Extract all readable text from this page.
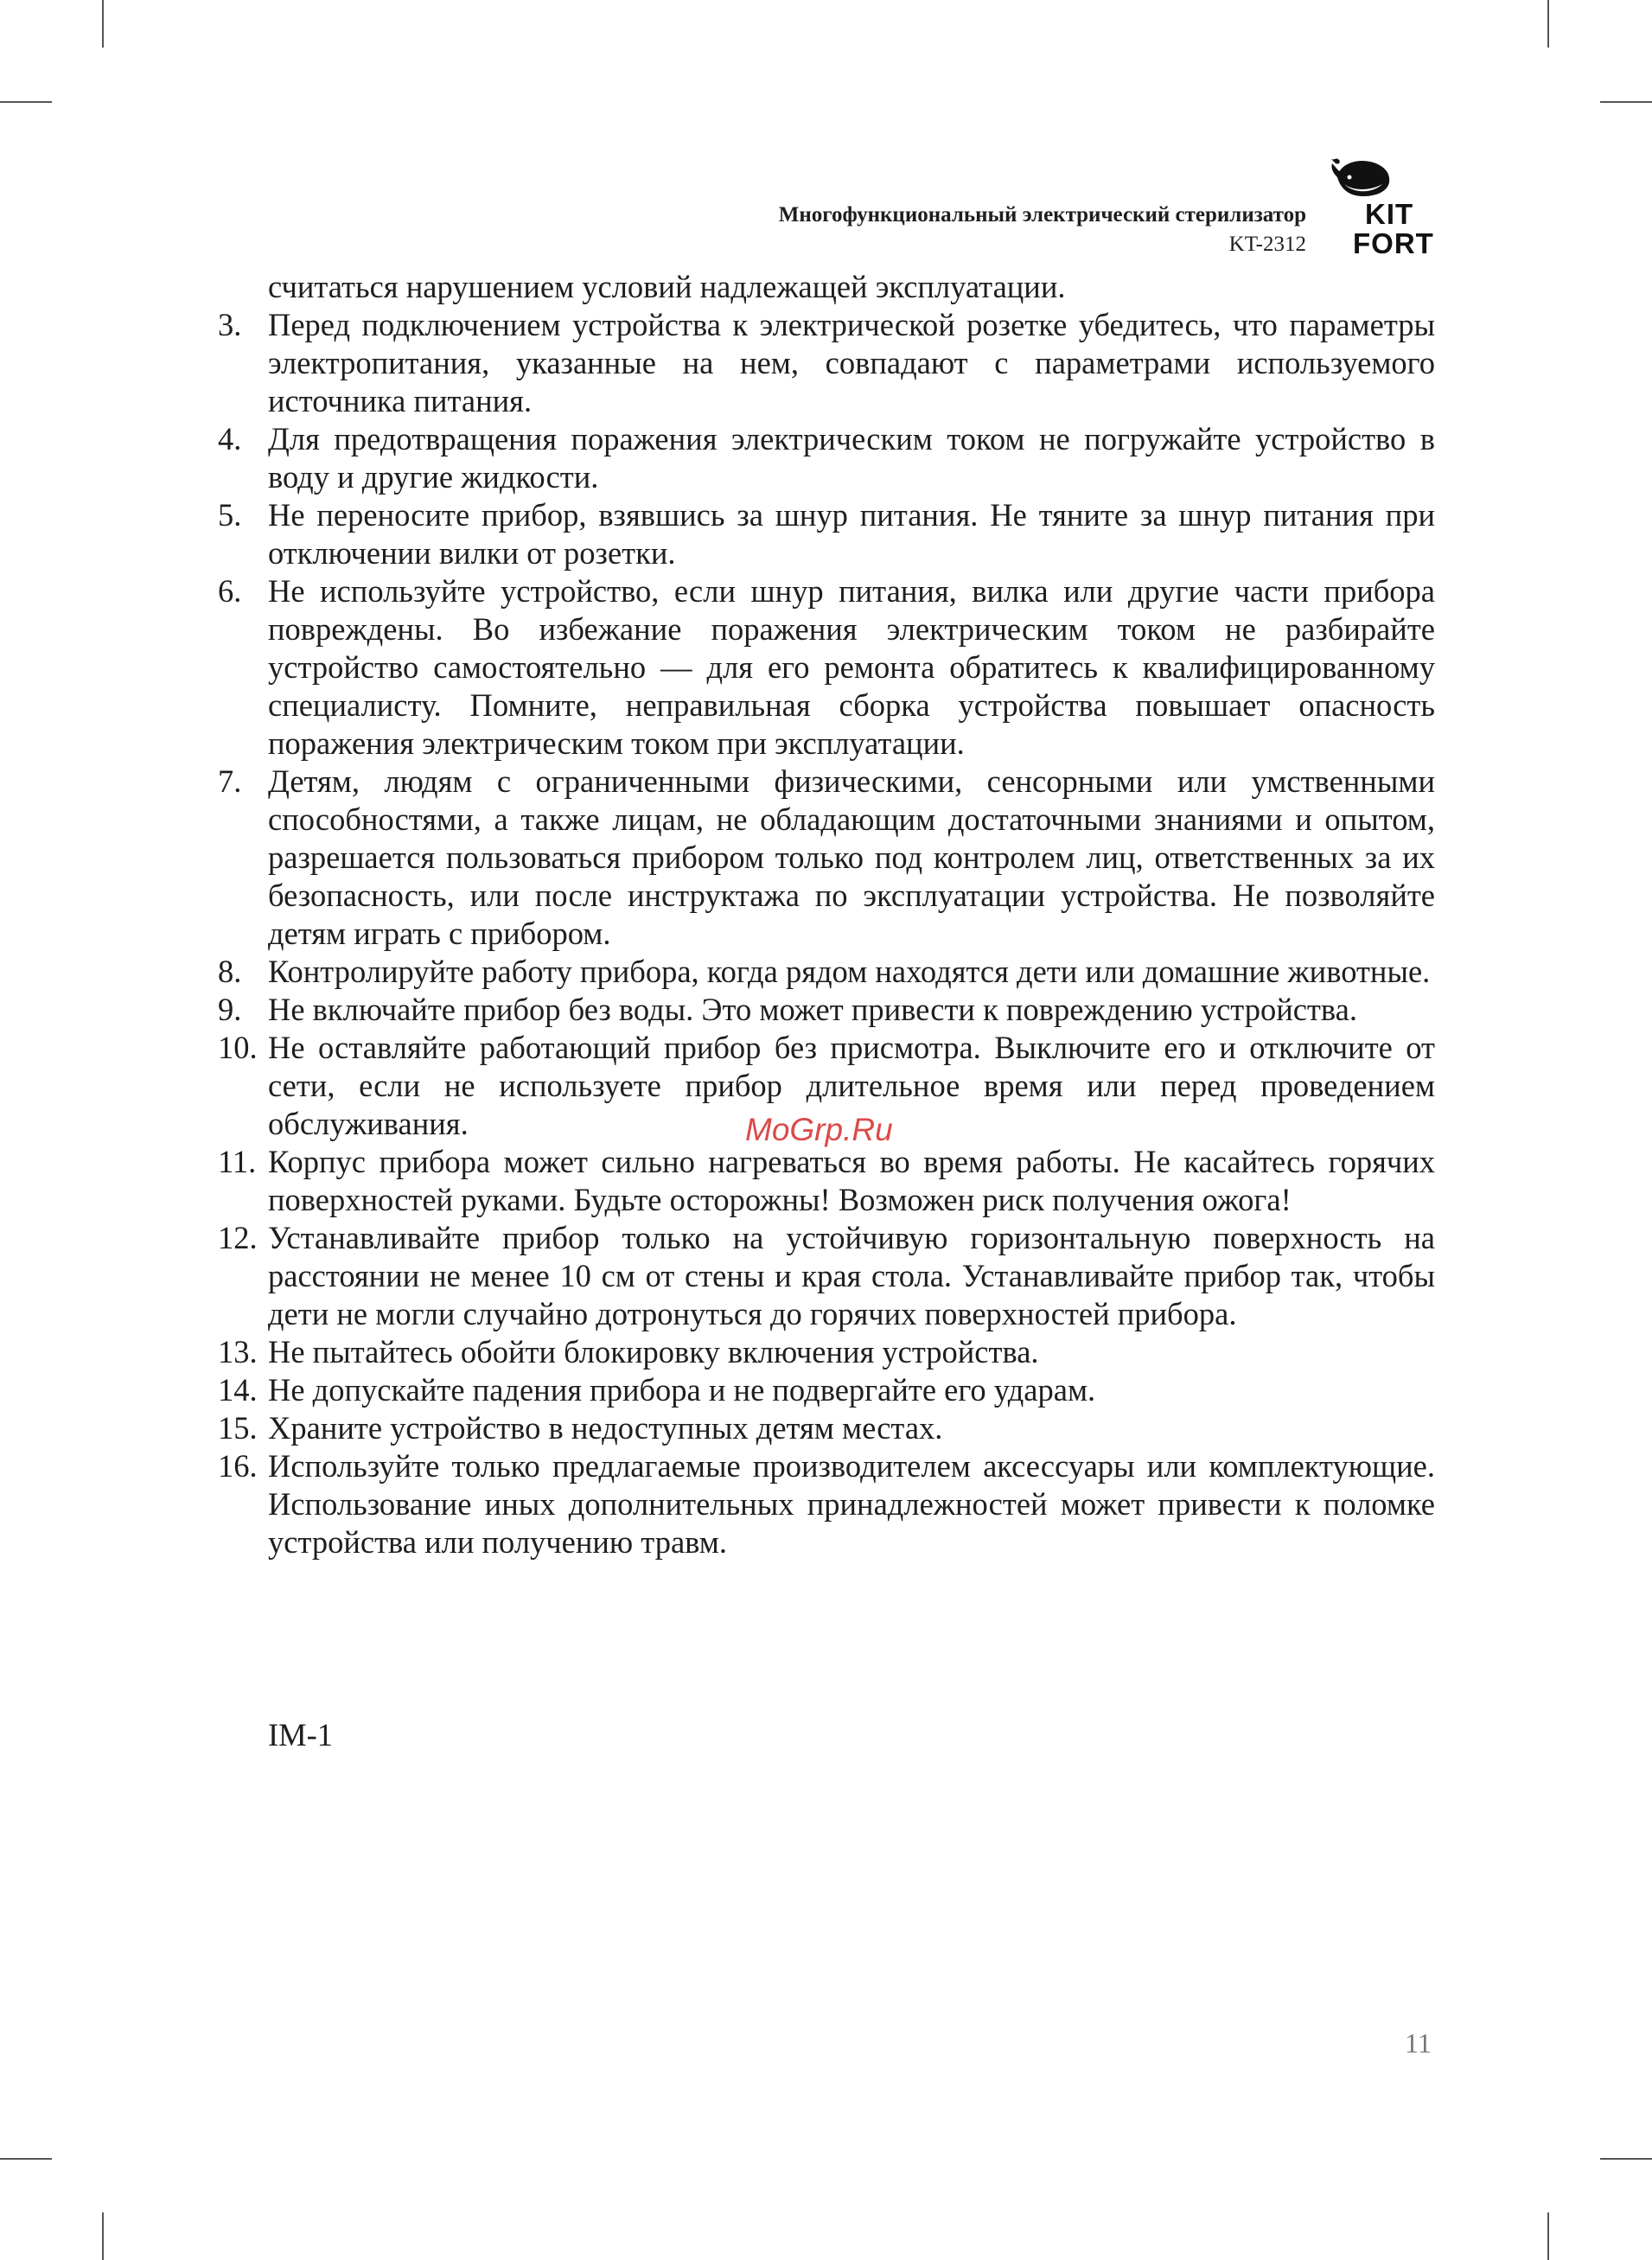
Многофункциональный электрический стерилизатор
KT-2312
KIT
FORT
считаться нарушением условий надлежащей эксплуатации.
3. Перед подключением устройства к электрической розетке убедитесь, что параметры электропитания, указанные на нем, совпадают с параметрами используемого источника питания.
4. Для предотвращения поражения электрическим током не погружайте устройство в воду и другие жидкости.
5. Не переносите прибор, взявшись за шнур питания. Не тяните за шнур питания при отключении вилки от розетки.
6. Не используйте устройство, если шнур питания, вилка или другие части прибора повреждены. Во избежание поражения электрическим током не разбирайте устройство самостоятельно — для его ремонта обратитесь к квалифицированному специалисту. Помните, неправильная сборка устройства повышает опасность поражения электрическим током при эксплуатации.
7. Детям, людям с ограниченными физическими, сенсорными или умственными способностями, а также лицам, не обладающим достаточными знаниями и опытом, разрешается пользоваться прибором только под контролем лиц, ответственных за их безопасность, или после инструктажа по эксплуатации устройства. Не позволяйте детям играть с прибором.
8. Контролируйте работу прибора, когда рядом находятся дети или домашние животные.
9. Не включайте прибор без воды. Это может привести к повреждению устройства.
10. Не оставляйте работающий прибор без присмотра. Выключите его и отключите от сети, если не используете прибор длительное время или перед проведением обслуживания.
11. Корпус прибора может сильно нагреваться во время работы. Не касайтесь горячих поверхностей руками. Будьте осторожны! Возможен риск получения ожога!
12. Устанавливайте прибор только на устойчивую горизонтальную поверхность на расстоянии не менее 10 см от стены и края стола. Устанавливайте прибор так, чтобы дети не могли случайно дотронуться до горячих поверхностей прибора.
13. Не пытайтесь обойти блокировку включения устройства.
14. Не допускайте падения прибора и не подвергайте его ударам.
15. Храните устройство в недоступных детям местах.
16. Используйте только предлагаемые производителем аксессуары или комплектующие. Использование иных дополнительных принадлежностей может привести к поломке устройства или получению травм.
MoGrp.Ru
IM-1
11
